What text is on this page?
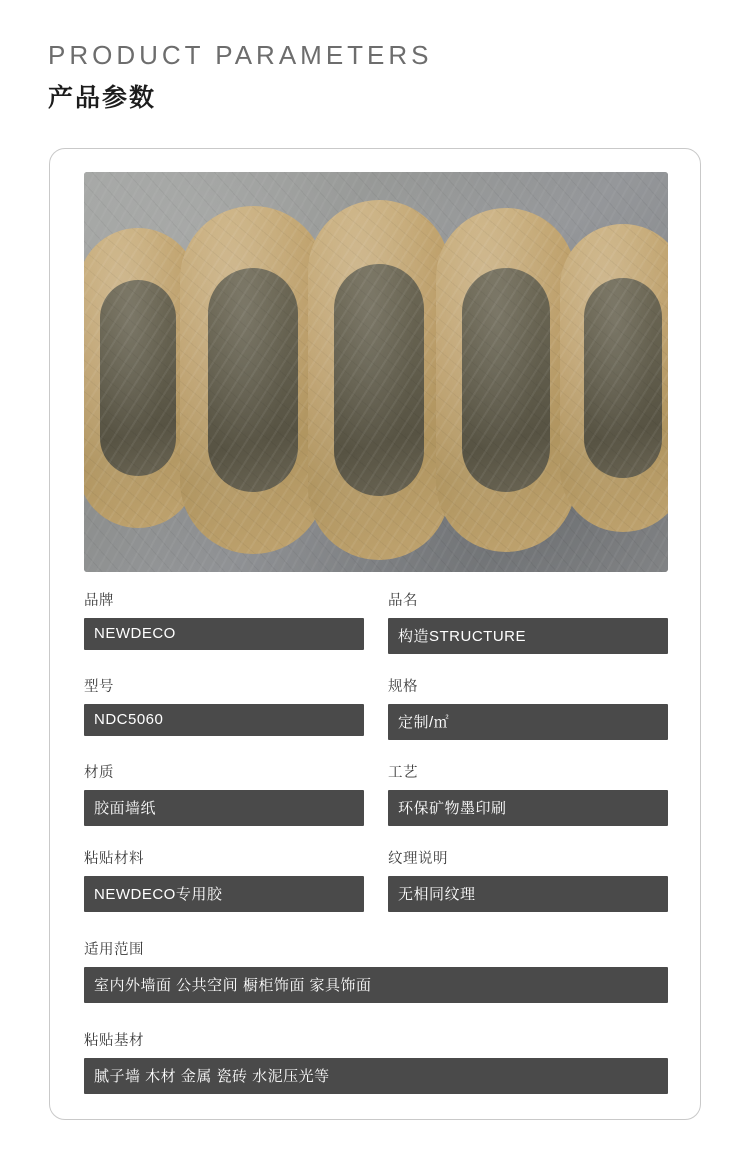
PRODUCT PARAMETERS
产品参数
品牌
NEWDECO
品名
构造STRUCTURE
型号
NDC5060
规格
定制/㎡
材质
胶面墙纸
工艺
环保矿物墨印刷
粘贴材料
NEWDECO专用胶
纹理说明
无相同纹理
适用范围
室内外墙面 公共空间 橱柜饰面 家具饰面
粘贴基材
腻子墙 木材 金属 瓷砖 水泥压光等
